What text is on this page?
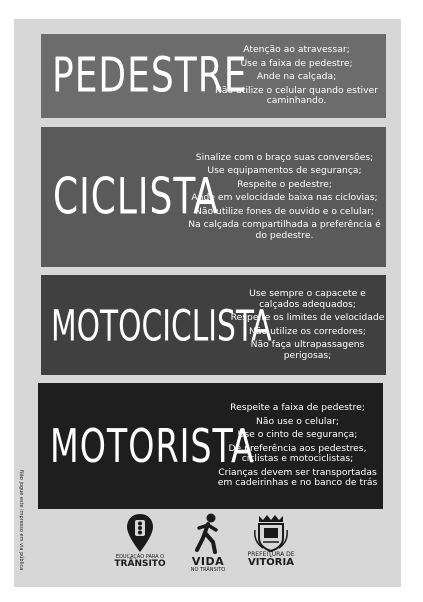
PEDESTRE
Atenção ao atravessar;
Use a faixa de pedestre;
Ande na calçada;
Não utilize o celular quando estiver caminhando.
CICLISTA
Sinalize com o braço suas conversões;
Use equipamentos de segurança;
Respeite o pedestre;
Ande em velocidade baixa nas ciclovias;
Não utilize fones de ouvido e o celular;
Na calçada compartilhada a preferência é do pedestre.
MOTOCICLISTA
Use sempre o capacete e calçados adequados;
Respeite os limites de velocidade
Não utilize os corredores;
Não faça ultrapassagens perigosas;
MOTORISTA
Respeite a faixa de pedestre;
Não use o celular;
Use o cinto de segurança;
Dê preferência aos pedestres, ciclistas e motociclistas;
Crianças devem ser transportadas em cadeirinhas e no banco de trás
Não jogue este impresso em via pública	EDUCAÇÃO PARA O
TRÂNSITO	VIDA
NO TRÂNSITO
PREFEITURA DE
VITÓRIA
